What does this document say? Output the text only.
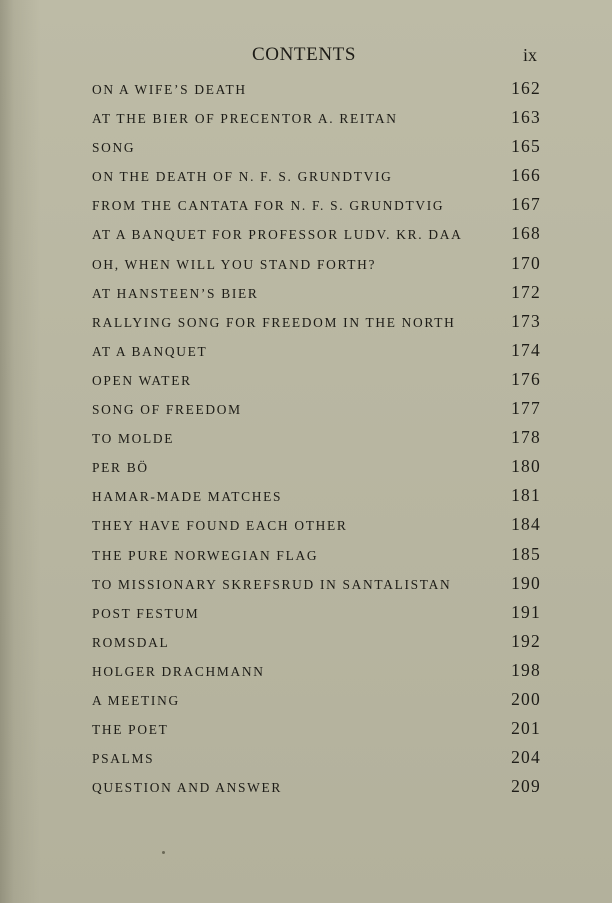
CONTENTS	ix
ON A WIFE’S DEATH	162
AT THE BIER OF PRECENTOR A. REITAN	163
SONG	165
ON THE DEATH OF N. F. S. GRUNDTVIG	166
FROM THE CANTATA FOR N. F. S. GRUNDTVIG	167
AT A BANQUET FOR PROFESSOR LUDV. KR. DAA	168
OH, WHEN WILL YOU STAND FORTH?	170
AT HANSTEEN’S BIER	172
RALLYING SONG FOR FREEDOM IN THE NORTH	173
AT A BANQUET	174
OPEN WATER	176
SONG OF FREEDOM	177
TO MOLDE	178
PER BÖ	180
HAMAR-MADE MATCHES	181
THEY HAVE FOUND EACH OTHER	184
THE PURE NORWEGIAN FLAG	185
TO MISSIONARY SKREFSRUD IN SANTALISTAN	190
POST FESTUM	191
ROMSDAL	192
HOLGER DRACHMANN	198
A MEETING	200
THE POET	201
PSALMS	204
QUESTION AND ANSWER	209
